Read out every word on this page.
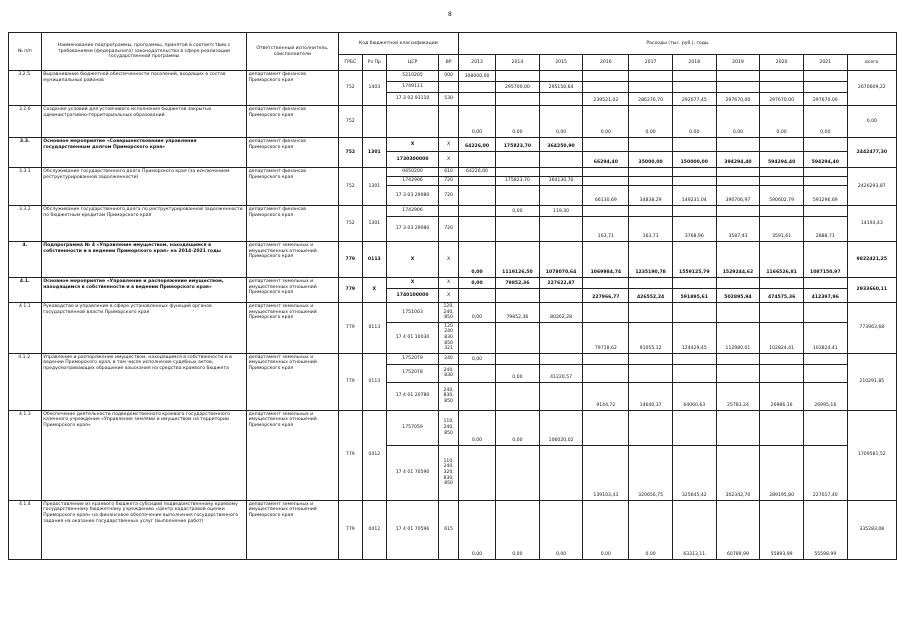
8
№ п/п	Наименование подпрограммы, программы, принятой в соответствии с требованиями (федерального) законодательства в сфере реализации государственной программы	Ответственный исполнитель, соисполнители	Код бюджетной классификации				Расходы (тыс. руб.), годы									
			ГРБС	Рз Пр	ЦСР	ВР	2013	2014	2015	2016	2017	2018	2019	2020	2021	всего
3.2.5.	Выравнивание бюджетной обеспеченности поселений, входящих в состав муниципальных районов	департамент финансов Приморского края	752	1403	5210205	000	308000,00									2670609,22
					1749111			295700,00	295150,64							
					17 3 02 93110	530				239521,02	286276,70	292077,45	297670,00	297670,00	297670,00	
3.2.6	Создание условий для устойчивого исполнения бюджетов закрытых административно-территориальных образований	департамент финансов Приморского края	752				0,00	0,00	0,00	0,00	0,00	0,00	0,00	0,00	0,00	0,00
3.3.	Основное мероприятие «Совершенствование управления государственным долгом Приморского края»	департамент финансов Приморского края	752	1301	X	X	64226,00	175823,70	364250,90							2442477,30
					1730300000	X				66294,40	35000,00	150000,00	394294,40	594294,40	594294,40	
3.3.1	Обслуживание государственного долга Приморского края (за исключением реструктурированной задолженности)	департамент финансов Приморского края	752	1301	0650200	610	64226,00									2426293,87
					1742906	720		175823,70	364130,70							
					17 3 03 29080	720				66130,69	34838,29	149231,04	390706,97	590602,79	591296,69	
3.3.2	Обслуживание государственного долга по реструктурированной задолженности по бюджетным кредитам Приморского края	департамент финансов Приморского края	752	1301	1742906			0,00	119,30							14193,43
					17 3 03 29080	720				163,71	163,71	3768,96	3587,43	3591,61	2888,71	
4.	Подпрограмма № 4 «Управление имуществом, находящимся в собственности и в ведении Приморского края» на 2014-2021 годы	департамент земельных и имущественных отношений Приморского края	779	0113	X	X	0,00	1119126,50	1078070,64	1069984,74	1235190,78	1559125,79	1529244,62	1166526,81	1087150,97	9822421,25
4.1.	Основное мероприятие «Управление и распоряжение имуществом, находящимся в собственности и в ведении Приморского края»	департамент земельных и имущественных отношений Приморского края	779	X	X	X	0,00	79852,36	227622,87							2933660,11
					1740100000	X				227966,77	426552,24	591895,61	502895,94	474575,36	412397,96	
4.1.1	Руководство и управление в сфере установленных функций органов государственной власти Приморского края	департамент земельных и имущественных отношений Приморского края	779	0113	1751003	120, 240, 850	0,00	79852,36	80262,28							773963,68
					17 4 01 10030	120 240 830 850 321				79718,62	91055,12	124429,45	112980,01	102824,41	102824,41	
4.1.2.	Управление и распоряжение имуществом, находящимся в собственности и в ведении Приморского края, в том числе исполнение судебных актов, предусматривающих обращение взыскания на средства краевого бюджета	департамент земельных и имущественных отношений Приморского края	779	0113	1752079	240	0,00									210291,85
					1752078	240, 830		0,00	41220,57							
					17 4 01 20780	240, 830, 850				9144,72	14640,37	64060,63	25783,24	26986,16	26995,16	
4.1.3	Обеспечение деятельности подведомственного краевого государственного казенного учреждения «Управление землями и имуществом на территории Приморского края»	департамент земельных и имущественных отношений Приморского края	779	0412	1757059	110, 240, 850	0,00	0,00	106020,02							1709581,52
					17 4 01 70590	110, 240, 320, 830, 850				139103,43	320656,75	325645,42	302342,70	289195,80	227017,40	
4.1.4	Предоставление из краевого бюджета субсидий подведомственному краевому государственному бюджетному учреждению «Центр кадастровой оценки Приморского края» на финансовое обеспечение выполнения государственного задания на оказание государственных услуг (выполнение работ)	департамент земельных и имущественных отношений Приморского края	779	0412	17 4 01 70596	615	0,00	0,00	0,00	0,00	0,00	63313,11	60789,99	55893,99	55598,99	335283,08
